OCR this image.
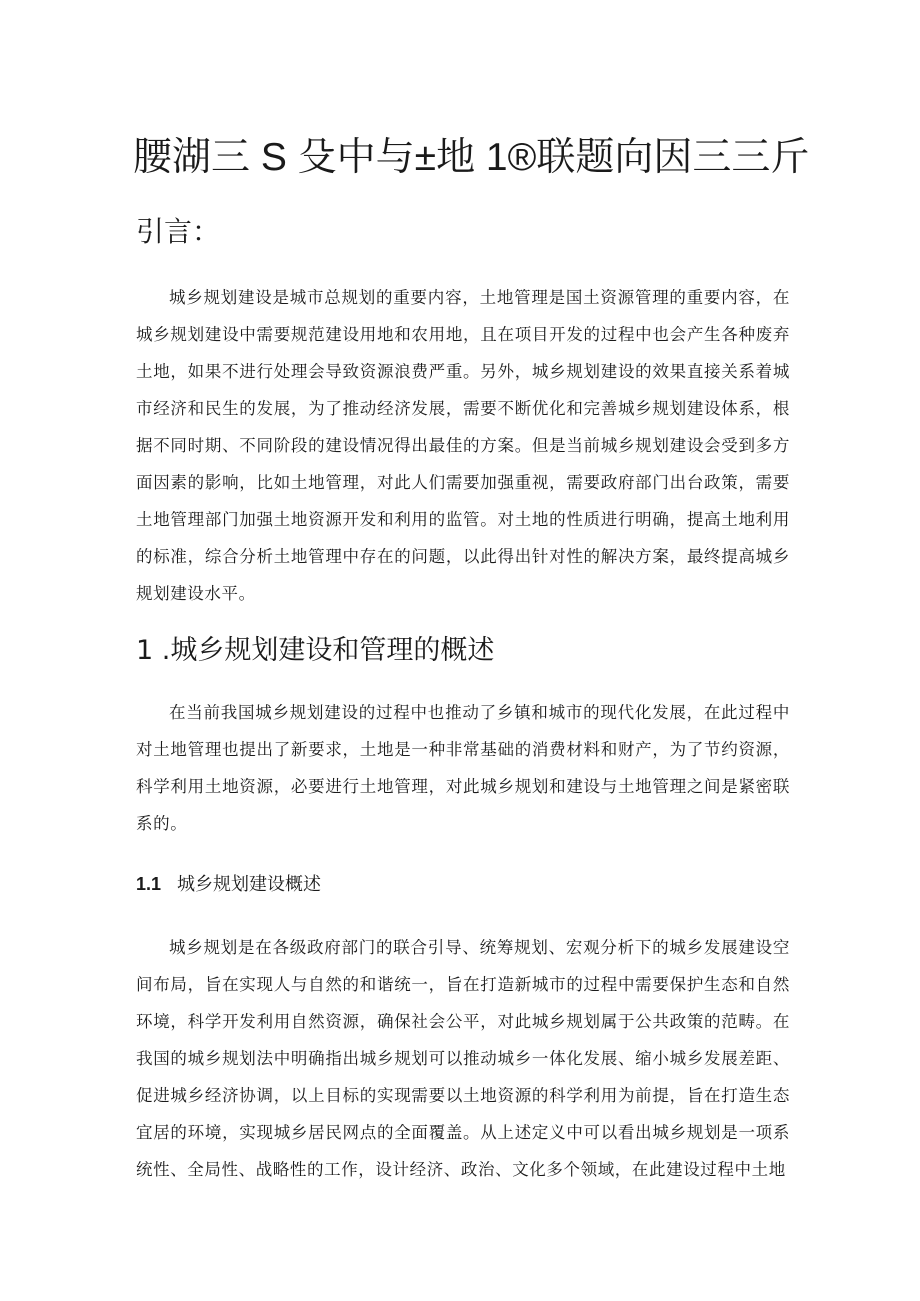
腰湖三 S 殳中与±地 1®联题向因三三斤
引言：

城乡规划建设是城市总规划的重要内容，土地管理是国土资源管理的重要内容，在城乡规划建设中需要规范建设用地和农用地，且在项目开发的过程中也会产生各种废弃土地，如果不进行处理会导致资源浪费严重。另外，城乡规划建设的效果直接关系着城市经济和民生的发展，为了推动经济发展，需要不断优化和完善城乡规划建设体系，根据不同时期、不同阶段的建设情况得出最佳的方案。但是当前城乡规划建设会受到多方面因素的影响，比如土地管理，对此人们需要加强重视，需要政府部门出台政策，需要土地管理部门加强土地资源开发和利用的监管。对土地的性质进行明确，提高土地利用的标准，综合分析土地管理中存在的问题，以此得出针对性的解决方案，最终提高城乡规划建设水平。

1 .城乡规划建设和管理的概述

在当前我国城乡规划建设的过程中也推动了乡镇和城市的现代化发展，在此过程中对土地管理也提出了新要求，土地是一种非常基础的消费材料和财产，为了节约资源，科学利用土地资源，必要进行土地管理，对此城乡规划和建设与土地管理之间是紧密联系的。

1.1 城乡规划建设概述

城乡规划是在各级政府部门的联合引导、统筹规划、宏观分析下的城乡发展建设空间布局，旨在实现人与自然的和谐统一，旨在打造新城市的过程中需要保护生态和自然环境，科学开发利用自然资源，确保社会公平，对此城乡规划属于公共政策的范畴。在我国的城乡规划法中明确指出城乡规划可以推动城乡一体化发展、缩小城乡发展差距、促进城乡经济协调，以上目标的实现需要以土地资源的科学利用为前提，旨在打造生态宜居的环境，实现城乡居民网点的全面覆盖。从上述定义中可以看出城乡规划是一项系统性、全局性、战略性的工作，设计经济、政治、文化多个领域，在此建设过程中土地
